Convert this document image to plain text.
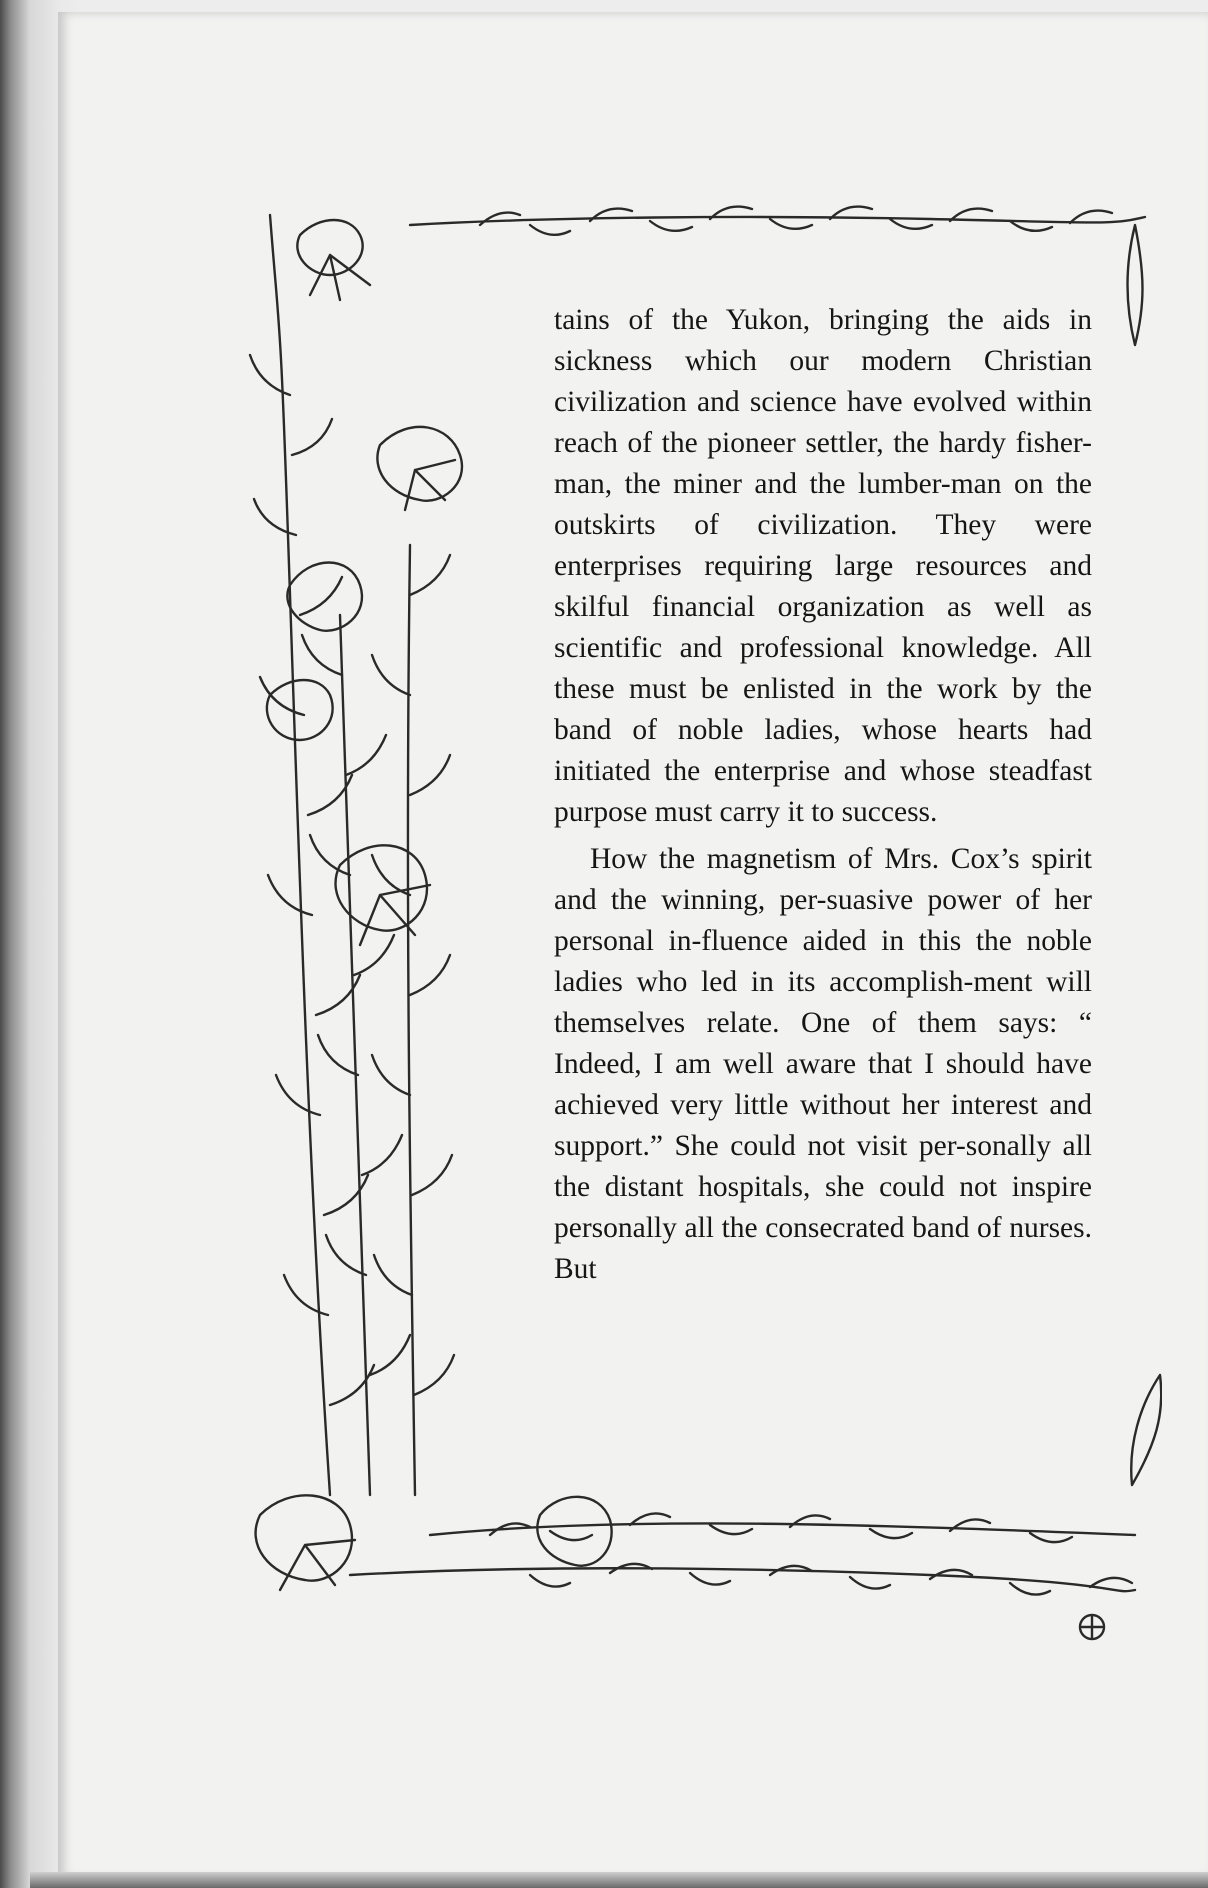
tains of the Yukon, bringing the aids in sickness which our modern Christian civilization and science have evolved within reach of the pioneer settler, the hardy fisher-man, the miner and the lumber-man on the outskirts of civilization. They were enterprises requiring large resources and skilful financial organization as well as scientific and professional knowledge. All these must be enlisted in the work by the band of noble ladies, whose hearts had initiated the enterprise and whose steadfast purpose must carry it to success.

How the magnetism of Mrs. Cox’s spirit and the winning, per-suasive power of her personal in-fluence aided in this the noble ladies who led in its accomplish-ment will themselves relate. One of them says: “ Indeed, I am well aware that I should have achieved very little without her interest and support.” She could not visit per-sonally all the distant hospitals, she could not inspire personally all the consecrated band of nurses. But
